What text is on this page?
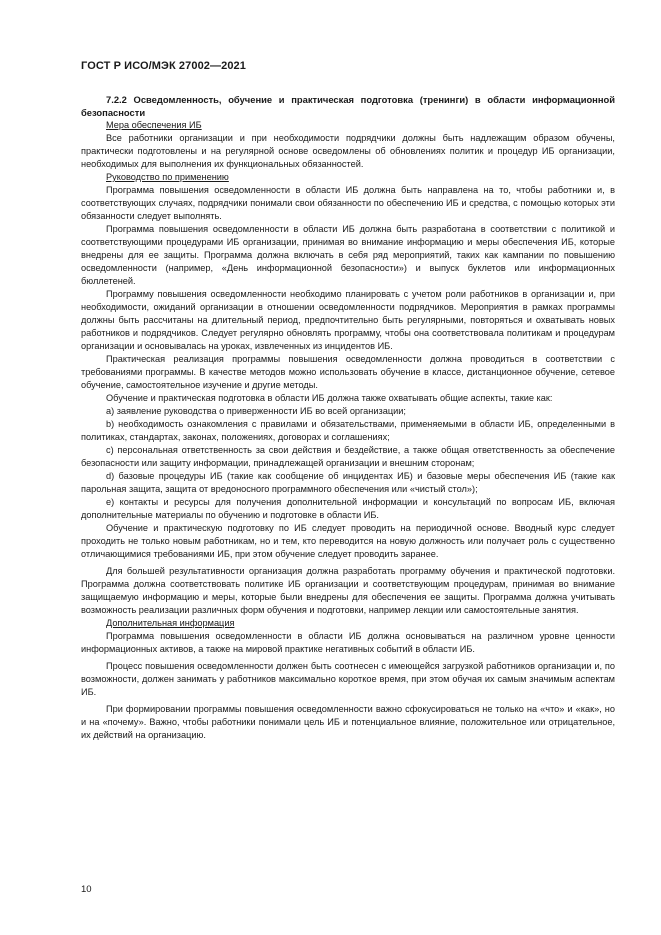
ГОСТ Р ИСО/МЭК 27002—2021

7.2.2 Осведомленность, обучение и практическая подготовка (тренинги) в области информационной безопасности

Мера обеспечения ИБ

Все работники организации и при необходимости подрядчики должны быть надлежащим образом обучены, практически подготовлены и на регулярной основе осведомлены об обновлениях политик и процедур ИБ организации, необходимых для выполнения их функциональных обязанностей.

Руководство по применению

Программа повышения осведомленности в области ИБ должна быть направлена на то, чтобы работники и, в соответствующих случаях, подрядчики понимали свои обязанности по обеспечению ИБ и средства, с помощью которых эти обязанности следует выполнять.

Программа повышения осведомленности в области ИБ должна быть разработана в соответствии с политикой и соответствующими процедурами ИБ организации, принимая во внимание информацию и меры обеспечения ИБ, которые внедрены для ее защиты. Программа должна включать в себя ряд мероприятий, таких как кампании по повышению осведомленности (например, «День информационной безопасности») и выпуск буклетов или информационных бюллетеней.

Программу повышения осведомленности необходимо планировать с учетом роли работников в организации и, при необходимости, ожиданий организации в отношении осведомленности подрядчиков. Мероприятия в рамках программы должны быть рассчитаны на длительный период, предпочтительно быть регулярными, повторяться и охватывать новых работников и подрядчиков. Следует регулярно обновлять программу, чтобы она соответствовала политикам и процедурам организации и основывалась на уроках, извлеченных из инцидентов ИБ.

Практическая реализация программы повышения осведомленности должна проводиться в соответствии с требованиями программы. В качестве методов можно использовать обучение в классе, дистанционное обучение, сетевое обучение, самостоятельное изучение и другие методы.

Обучение и практическая подготовка в области ИБ должна также охватывать общие аспекты, такие как:

a) заявление руководства о приверженности ИБ во всей организации;

b) необходимость ознакомления с правилами и обязательствами, применяемыми в области ИБ, определенными в политиках, стандартах, законах, положениях, договорах и соглашениях;

c) персональная ответственность за свои действия и бездействие, а также общая ответственность за обеспечение безопасности или защиту информации, принадлежащей организации и внешним сторонам;

d) базовые процедуры ИБ (такие как сообщение об инцидентах ИБ) и базовые меры обеспечения ИБ (такие как парольная защита, защита от вредоносного программного обеспечения или «чистый стол»);

e) контакты и ресурсы для получения дополнительной информации и консультаций по вопросам ИБ, включая дополнительные материалы по обучению и подготовке в области ИБ.

Обучение и практическую подготовку по ИБ следует проводить на периодичной основе. Вводный курс следует проходить не только новым работникам, но и тем, кто переводится на новую должность или получает роль с существенно отличающимися требованиями ИБ, при этом обучение следует проводить заранее.

Для большей результативности организация должна разработать программу обучения и практической подготовки. Программа должна соответствовать политике ИБ организации и соответствующим процедурам, принимая во внимание защищаемую информацию и меры, которые были внедрены для обеспечения ее защиты. Программа должна учитывать возможность реализации различных форм обучения и подготовки, например лекции или самостоятельные занятия.

Дополнительная информация

Программа повышения осведомленности в области ИБ должна основываться на различном уровне ценности информационных активов, а также на мировой практике негативных событий в области ИБ.

Процесс повышения осведомленности должен быть соотнесен с имеющейся загрузкой работников организации и, по возможности, должен занимать у работников максимально короткое время, при этом обучая их самым значимым аспектам ИБ.

При формировании программы повышения осведомленности важно сфокусироваться не только на «что» и «как», но и на «почему». Важно, чтобы работники понимали цель ИБ и потенциальное влияние, положительное или отрицательное, их действий на организацию.

10
